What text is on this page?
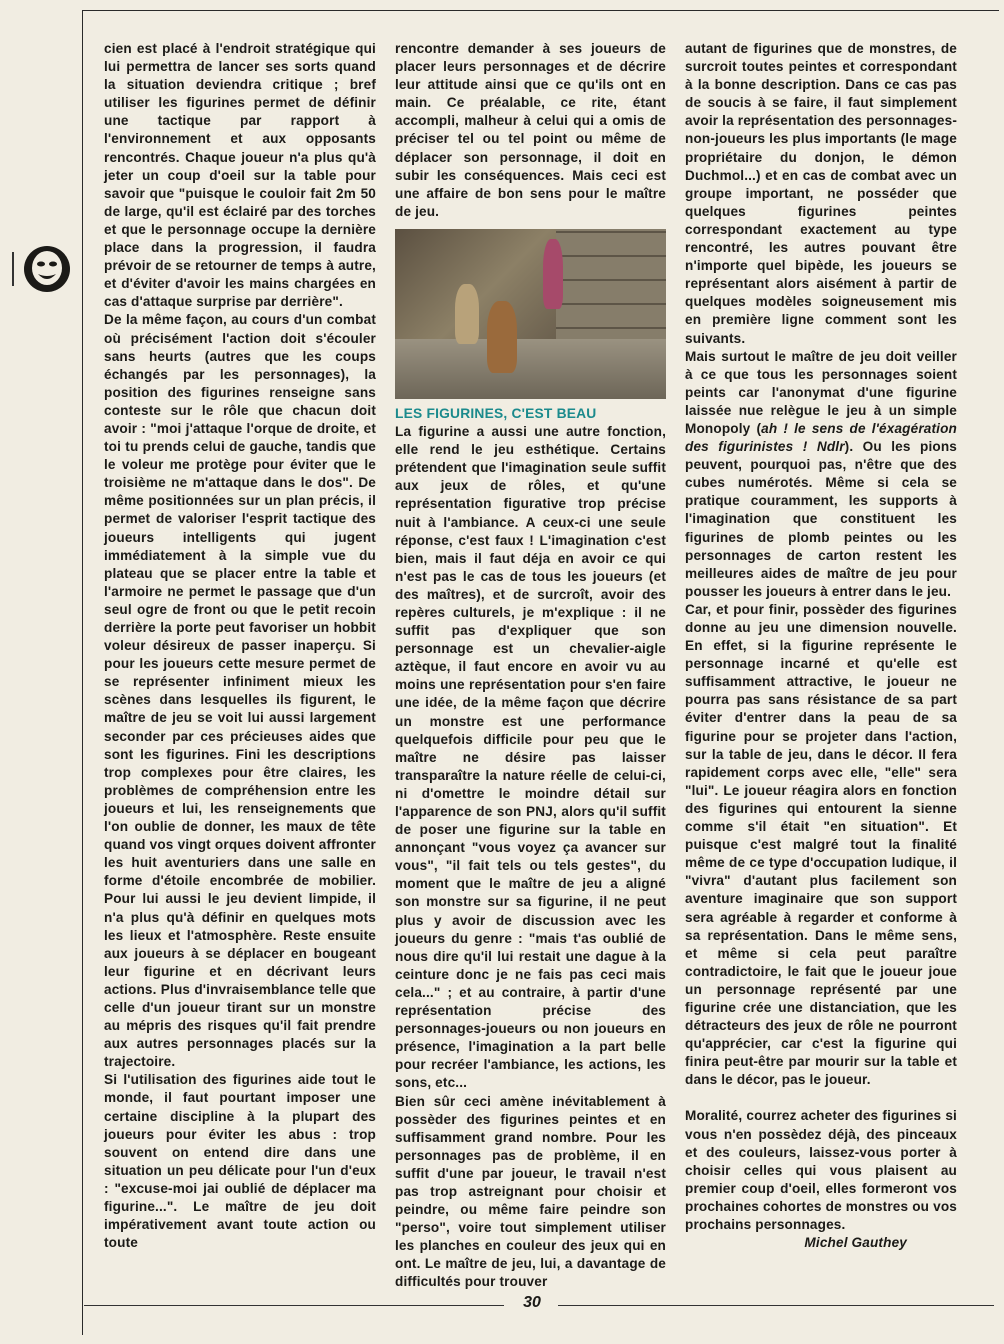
cien est placé à l'endroit stratégique qui lui permettra de lancer ses sorts quand la situation deviendra critique ; bref utiliser les figurines permet de définir une tactique par rapport à l'environnement et aux opposants rencontrés. Chaque joueur n'a plus qu'à jeter un coup d'oeil sur la table pour savoir que "puisque le couloir fait 2m 50 de large, qu'il est éclairé par des torches et que le personnage occupe la dernière place dans la progression, il faudra prévoir de se retourner de temps à autre, et d'éviter d'avoir les mains chargées en cas d'attaque surprise par derrière".

De la même façon, au cours d'un combat où précisément l'action doit s'écouler sans heurts (autres que les coups échangés par les personnages), la position des figurines renseigne sans conteste sur le rôle que chacun doit avoir : "moi j'attaque l'orque de droite, et toi tu prends celui de gauche, tandis que le voleur me protège pour éviter que le troisième ne m'attaque dans le dos". De même positionnées sur un plan précis, il permet de valoriser l'esprit tactique des joueurs intelligents qui jugent immédiatement à la simple vue du plateau que se placer entre la table et l'armoire ne permet le passage que d'un seul ogre de front ou que le petit recoin derrière la porte peut favoriser un hobbit voleur désireux de passer inaperçu. Si pour les joueurs cette mesure permet de se représenter infiniment mieux les scènes dans lesquelles ils figurent, le maître de jeu se voit lui aussi largement seconder par ces précieuses aides que sont les figurines. Fini les descriptions trop complexes pour être claires, les problèmes de compréhension entre les joueurs et lui, les renseignements que l'on oublie de donner, les maux de tête quand vos vingt orques doivent affronter les huit aventuriers dans une salle en forme d'étoile encombrée de mobilier. Pour lui aussi le jeu devient limpide, il n'a plus qu'à définir en quelques mots les lieux et l'atmosphère. Reste ensuite aux joueurs à se déplacer en bougeant leur figurine et en décrivant leurs actions. Plus d'invraisemblance telle que celle d'un joueur tirant sur un monstre au mépris des risques qu'il fait prendre aux autres personnages placés sur la trajectoire.

Si l'utilisation des figurines aide tout le monde, il faut pourtant imposer une certaine discipline à la plupart des joueurs pour éviter les abus : trop souvent on entend dire dans une situation un peu délicate pour l'un d'eux : "excuse-moi jai oublié de déplacer ma figurine...". Le maître de jeu doit impérativement avant toute action ou toute

rencontre demander à ses joueurs de placer leurs personnages et de décrire leur attitude ainsi que ce qu'ils ont en main. Ce préalable, ce rite, étant accompli, malheur à celui qui a omis de préciser tel ou tel point ou même de déplacer son personnage, il doit en subir les conséquences. Mais ceci est une affaire de bon sens pour le maître de jeu.

LES FIGURINES, C'EST BEAU

La figurine a aussi une autre fonction, elle rend le jeu esthétique. Certains prétendent que l'imagination seule suffit aux jeux de rôles, et qu'une représentation figurative trop précise nuit à l'ambiance. A ceux-ci une seule réponse, c'est faux ! L'imagination c'est bien, mais il faut déja en avoir ce qui n'est pas le cas de tous les joueurs (et des maîtres), et de surcroît, avoir des repères culturels, je m'explique : il ne suffit pas d'expliquer que son personnage est un chevalier-aigle aztèque, il faut encore en avoir vu au moins une représentation pour s'en faire une idée, de la même façon que décrire un monstre est une performance quelquefois difficile pour peu que le maître ne désire pas laisser transparaître la nature réelle de celui-ci, ni d'omettre le moindre détail sur l'apparence de son PNJ, alors qu'il suffit de poser une figurine sur la table en annonçant "vous voyez ça avancer sur vous", "il fait tels ou tels gestes", du moment que le maître de jeu a aligné son monstre sur sa figurine, il ne peut plus y avoir de discussion avec les joueurs du genre : "mais t'as oublié de nous dire qu'il lui restait une dague à la ceinture donc je ne fais pas ceci mais cela..." ; et au contraire, à partir d'une représentation précise des personnages-joueurs ou non joueurs en présence, l'imagination a la part belle pour recréer l'ambiance, les actions, les sons, etc...

Bien sûr ceci amène inévitablement à possèder des figurines peintes et en suffisamment grand nombre. Pour les personnages pas de problème, il en suffit d'une par joueur, le travail n'est pas trop astreignant pour choisir et peindre, ou même faire peindre son "perso", voire tout simplement utiliser les planches en couleur des jeux qui en ont. Le maître de jeu, lui, a davantage de difficultés pour trouver

autant de figurines que de monstres, de surcroit toutes peintes et correspondant à la bonne description. Dans ce cas pas de soucis à se faire, il faut simplement avoir la représentation des personnages-non-joueurs les plus importants (le mage propriétaire du donjon, le démon Duchmol...) et en cas de combat avec un groupe important, ne posséder que quelques figurines peintes correspondant exactement au type rencontré, les autres pouvant être n'importe quel bipède, les joueurs se représentant alors aisément à partir de quelques modèles soigneusement mis en première ligne comment sont les suivants.

Mais surtout le maître de jeu doit veiller à ce que tous les personnages soient peints car l'anonymat d'une figurine laissée nue relègue le jeu à un simple Monopoly (ah ! le sens de l'éxagération des figurinistes ! Ndlr). Ou les pions peuvent, pourquoi pas, n'être que des cubes numérotés. Même si cela se pratique couramment, les supports à l'imagination que constituent les figurines de plomb peintes ou les personnages de carton restent les meilleures aides de maître de jeu pour pousser les joueurs à entrer dans le jeu.

Car, et pour finir, possèder des figurines donne au jeu une dimension nouvelle. En effet, si la figurine représente le personnage incarné et qu'elle est suffisamment attractive, le joueur ne pourra pas sans résistance de sa part éviter d'entrer dans la peau de sa figurine pour se projeter dans l'action, sur la table de jeu, dans le décor. Il fera rapidement corps avec elle, "elle" sera "lui". Le joueur réagira alors en fonction des figurines qui entourent la sienne comme s'il était "en situation". Et puisque c'est malgré tout la finalité même de ce type d'occupation ludique, il "vivra" d'autant plus facilement son aventure imaginaire que son support sera agréable à regarder et conforme à sa représentation. Dans le même sens, et même si cela peut paraître contradictoire, le fait que le joueur joue un personnage représenté par une figurine crée une distanciation, que les détracteurs des jeux de rôle ne pourront qu'apprécier, car c'est la figurine qui finira peut-être par mourir sur la table et dans le décor, pas le joueur.

Moralité, courrez acheter des figurines si vous n'en possèdez déjà, des pinceaux et des couleurs, laissez-vous porter à choisir celles qui vous plaisent au premier coup d'oeil, elles formeront vos prochaines cohortes de monstres ou vos prochains personnages.

Michel Gauthey

30
